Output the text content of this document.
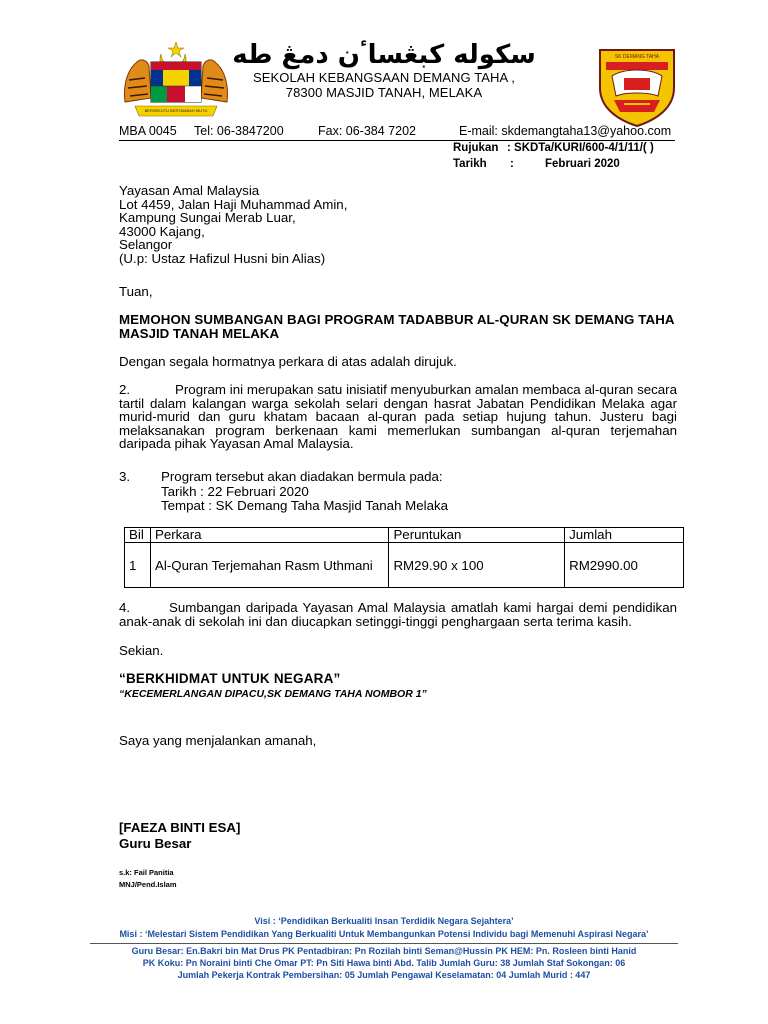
BERSEKUTU BERTAMBAH MUTU
سکوله کبڠساٴن دمڠ طه
SEKOLAH KEBANGSAAN DEMANG TAHA ,
78300 MASJID TANAH, MELAKA
SK DEMANG TAHA
MBA 0045 Tel: 06-3847200	Fax: 06-384 7202	E-mail: skdemangtaha13@yahoo.com
Rujukan : SKDTa/KURI/600-4/1/11/( )
Tarikh :	Februari 2020
Yayasan Amal Malaysia
Lot 4459, Jalan Haji Muhammad Amin,
Kampung Sungai Merab Luar,
43000 Kajang,
Selangor
(U.p: Ustaz Hafizul Husni bin Alias)
Tuan,
MEMOHON SUMBANGAN BAGI PROGRAM TADABBUR AL-QURAN SK DEMANG TAHA
MASJID TANAH MELAKA
Dengan segala hormatnya perkara di atas adalah dirujuk.
2.	Program ini merupakan satu inisiatif menyuburkan amalan membaca al-quran secara tartil dalam kalangan warga sekolah selari dengan hasrat Jabatan Pendidikan Melaka agar murid-murid dan guru khatam bacaan al-quran pada setiap hujung tahun. Justeru bagi melaksanakan program berkenaan kami memerlukan sumbangan al-quran terjemahan daripada pihak Yayasan Amal Malaysia.
3. Program tersebut akan diadakan bermula pada:
Tarikh : 22 Februari 2020
Tempat : SK Demang Taha Masjid Tanah Melaka
Bil	Perkara	Peruntukan	Jumlah
1	Al-Quran Terjemahan Rasm Uthmani	RM29.90 x 100	RM2990.00
4.	Sumbangan daripada Yayasan Amal Malaysia amatlah kami hargai demi pendidikan anak-anak di sekolah ini dan diucapkan setinggi-tinggi penghargaan serta terima kasih.
Sekian.
“BERKHIDMAT UNTUK NEGARA”
“KECEMERLANGAN DIPACU,SK DEMANG TAHA NOMBOR 1”
Saya yang menjalankan amanah,
[FAEZA BINTI ESA]
Guru Besar
s.k: Fail Panitia
MNJ/Pend.Islam
Visi : ‘Pendidikan Berkualiti Insan Terdidik Negara Sejahtera’
Misi : ‘Melestari Sistem Pendidikan Yang Berkualiti Untuk Membangunkan Potensi Individu bagi Memenuhi Aspirasi Negara’
Guru Besar: En.Bakri bin Mat Drus PK Pentadbiran: Pn Rozilah binti Seman@Hussin PK HEM: Pn. Rosleen binti Hanid
PK Koku: Pn Noraini binti Che Omar PT: Pn Siti Hawa binti Abd. Talib Jumlah Guru: 38 Jumlah Staf Sokongan: 06
Jumlah Pekerja Kontrak Pembersihan: 05 Jumlah Pengawal Keselamatan: 04 Jumlah Murid : 447
